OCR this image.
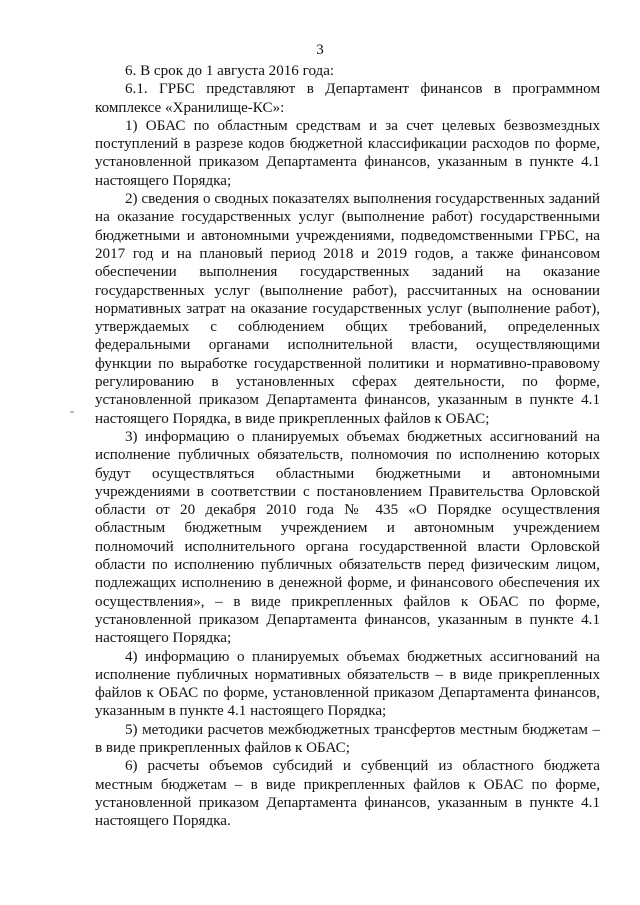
3
-

6. В срок до 1 августа 2016 года:

6.1. ГРБС представляют в Департамент финансов в программном комплексе «Хранилище-КС»:

1) ОБАС по областным средствам и за счет целевых безвозмездных поступлений в разрезе кодов бюджетной классификации расходов по форме, установленной приказом Департамента финансов, указанным в пункте 4.1 настоящего Порядка;

2) сведения о сводных показателях выполнения государственных заданий на оказание государственных услуг (выполнение работ) государственными бюджетными и автономными учреждениями, подведомственными ГРБС, на 2017 год и на плановый период 2018 и 2019 годов, а также финансовом обеспечении выполнения государственных заданий на оказание государственных услуг (выполнение работ), рассчитанных на основании нормативных затрат на оказание государственных услуг (выполнение работ), утверждаемых с соблюдением общих требований, определенных федеральными органами исполнительной власти, осуществляющими функции по выработке государственной политики и нормативно-правовому регулированию в установленных сферах деятельности, по форме, установленной приказом Департамента финансов, указанным в пункте 4.1 настоящего Порядка, в виде прикрепленных файлов к ОБАС;

3) информацию о планируемых объемах бюджетных ассигнований на исполнение публичных обязательств, полномочия по исполнению которых будут осуществляться областными бюджетными и автономными учреждениями в соответствии с постановлением Правительства Орловской области от 20 декабря 2010 года № 435 «О Порядке осуществления областным бюджетным учреждением и автономным учреждением полномочий исполнительного органа государственной власти Орловской области по исполнению публичных обязательств перед физическим лицом, подлежащих исполнению в денежной форме, и финансового обеспечения их осуществления», – в виде прикрепленных файлов к ОБАС по форме, установленной приказом Департамента финансов, указанным в пункте 4.1 настоящего Порядка;

4) информацию о планируемых объемах бюджетных ассигнований на исполнение публичных нормативных обязательств – в виде прикрепленных файлов к ОБАС по форме, установленной приказом Департамента финансов, указанным в пункте 4.1 настоящего Порядка;

5) методики расчетов межбюджетных трансфертов местным бюджетам – в виде прикрепленных файлов к ОБАС;

6) расчеты объемов субсидий и субвенций из областного бюджета местным бюджетам – в виде прикрепленных файлов к ОБАС по форме, установленной приказом Департамента финансов, указанным в пункте 4.1 настоящего Порядка.
